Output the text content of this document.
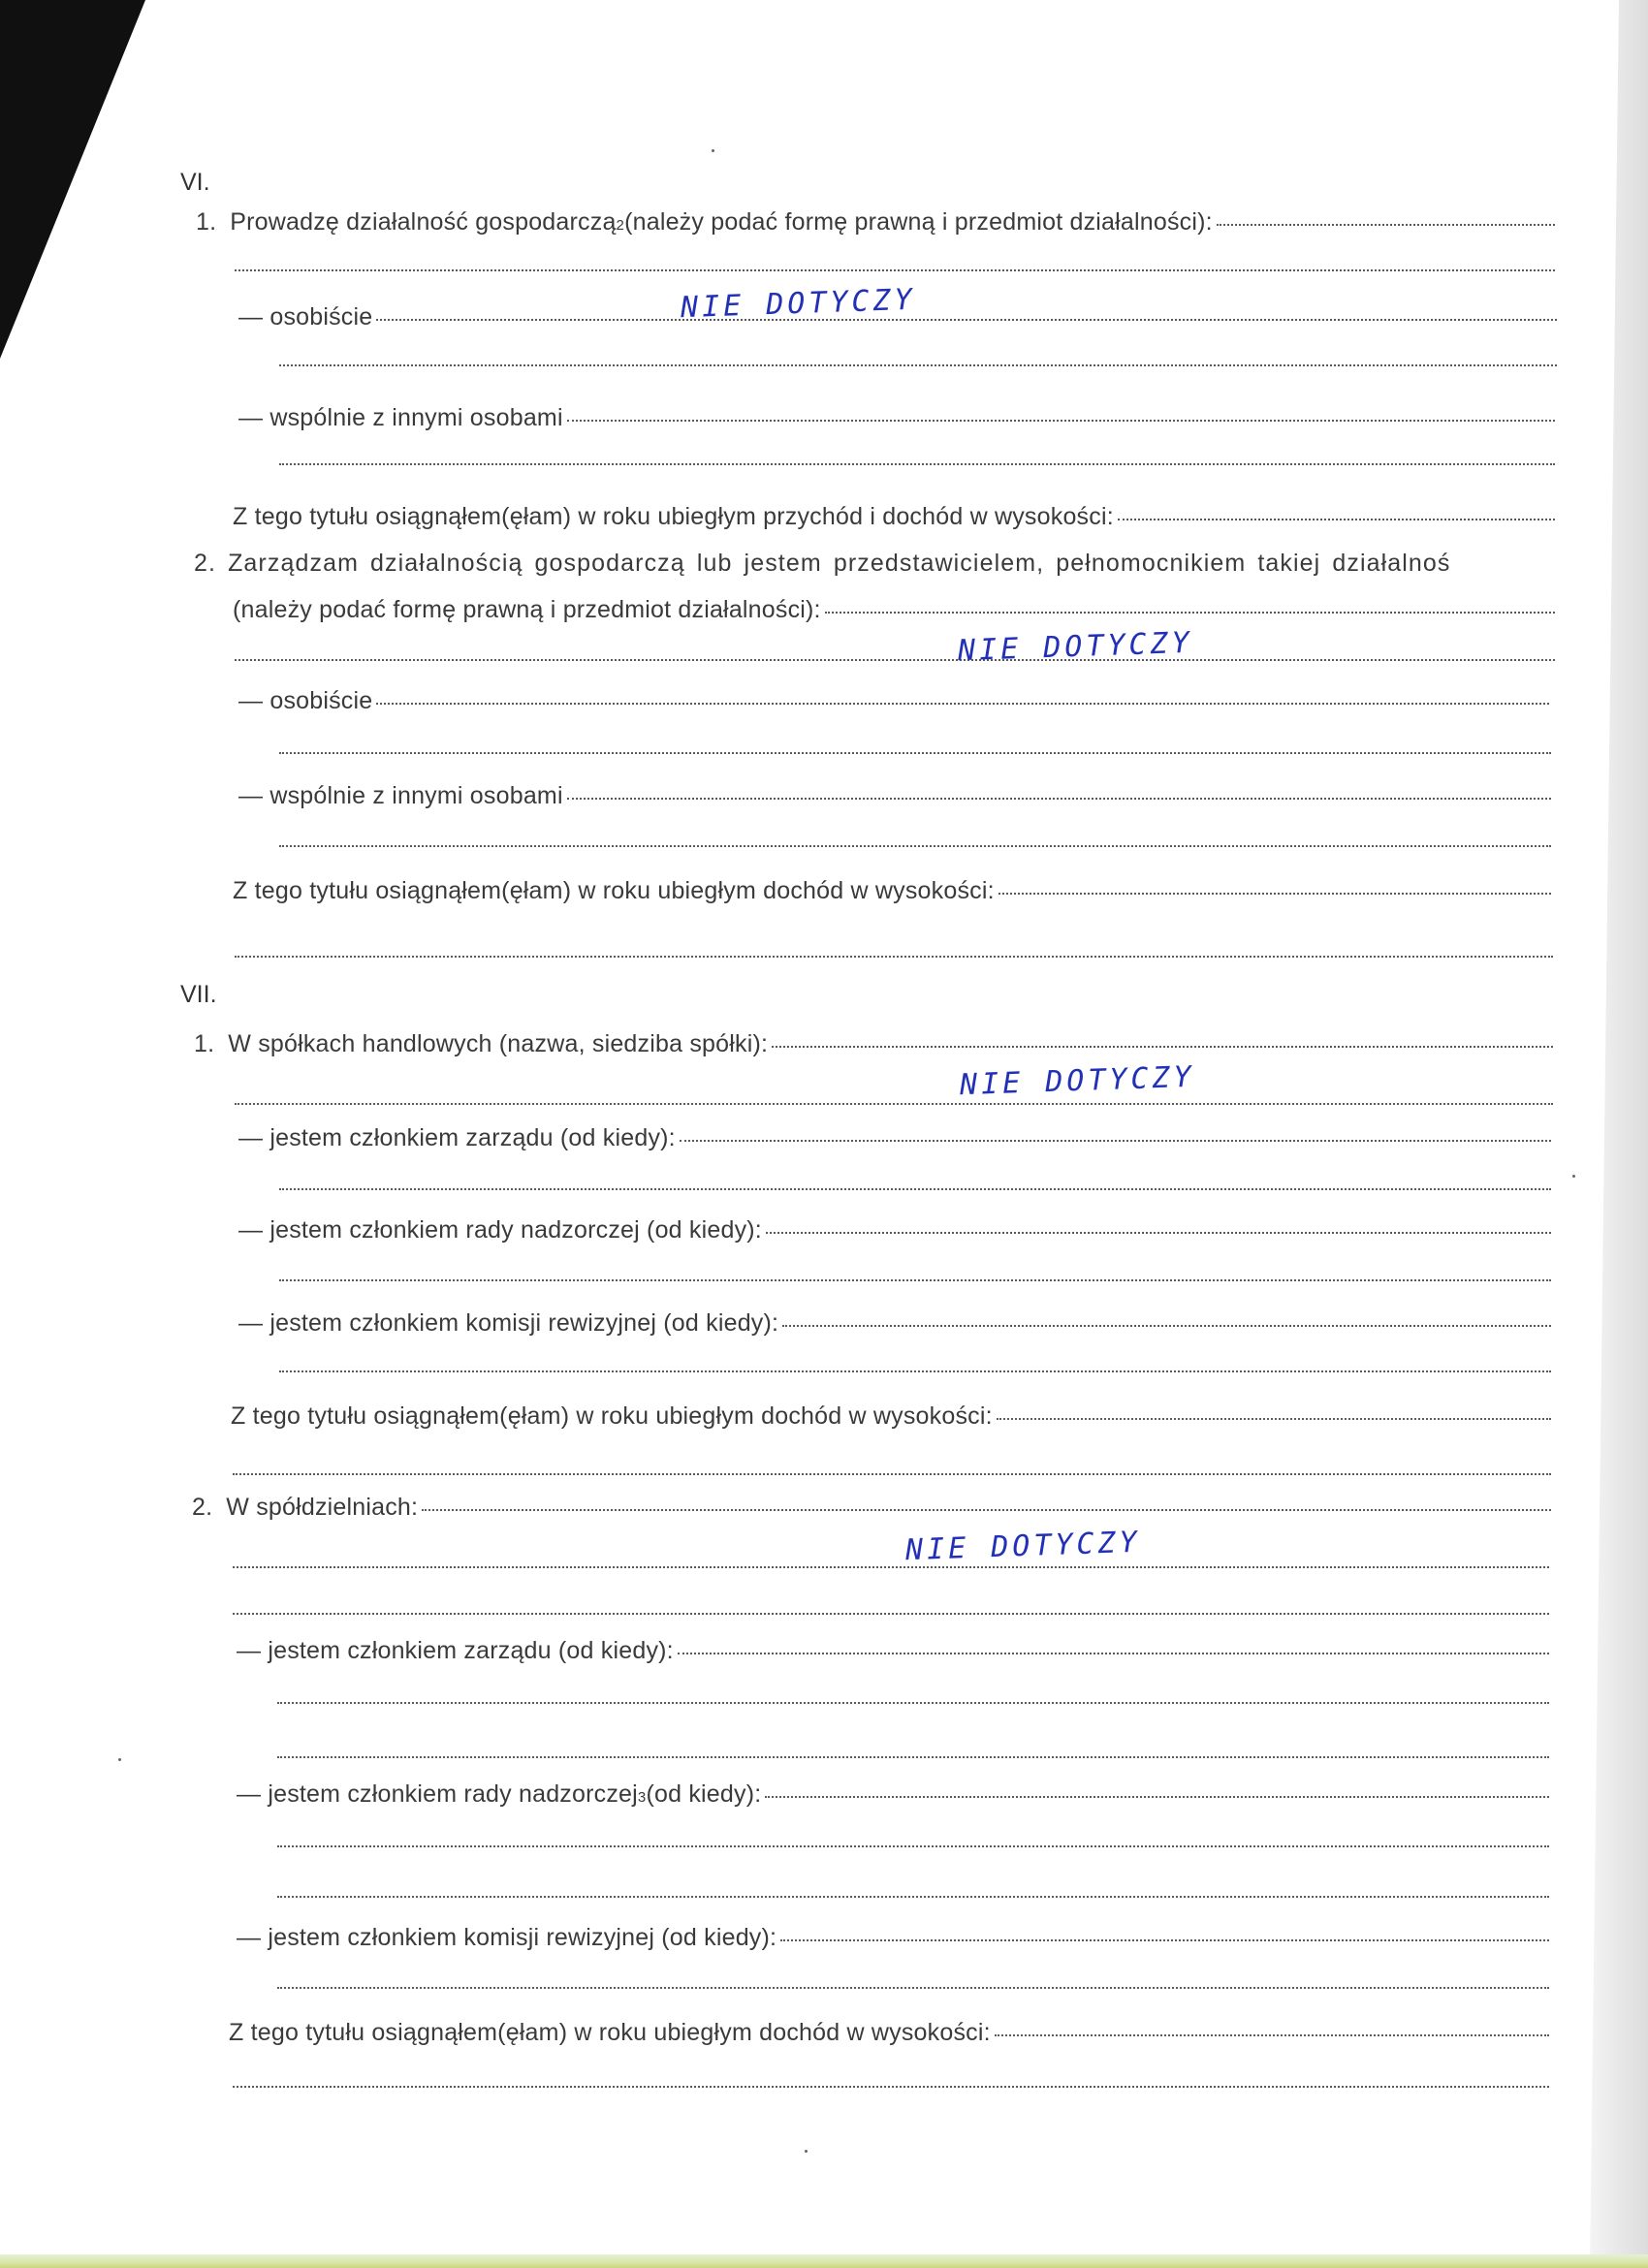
VI.
1. Prowadzę działalność gospodarczą 2 (należy podać formę prawną i przedmiot działalności):
— osobiście	NIE DOTYCZY
— wspólnie z innymi osobami
Z tego tytułu osiągnąłem(ęłam) w roku ubiegłym przychód i dochód w wysokości:
2. Zarządzam działalnością gospodarczą lub jestem przedstawicielem, pełnomocnikiem takiej działalnoś
(należy podać formę prawną i przedmiot działalności):
NIE DOTYCZY
— osobiście
— wspólnie z innymi osobami
Z tego tytułu osiągnąłem(ęłam) w roku ubiegłym dochód w wysokości:
VII.
1. W spółkach handlowych (nazwa, siedziba spółki):
NIE DOTYCZY
— jestem członkiem zarządu (od kiedy):
— jestem członkiem rady nadzorczej (od kiedy):
— jestem członkiem komisji rewizyjnej (od kiedy):
Z tego tytułu osiągnąłem(ęłam) w roku ubiegłym dochód w wysokości:
2. W spółdzielniach:
NIE DOTYCZY
— jestem członkiem zarządu (od kiedy):
— jestem członkiem rady nadzorczej 3 (od kiedy):
— jestem członkiem komisji rewizyjnej (od kiedy):
Z tego tytułu osiągnąłem(ęłam) w roku ubiegłym dochód w wysokości:
